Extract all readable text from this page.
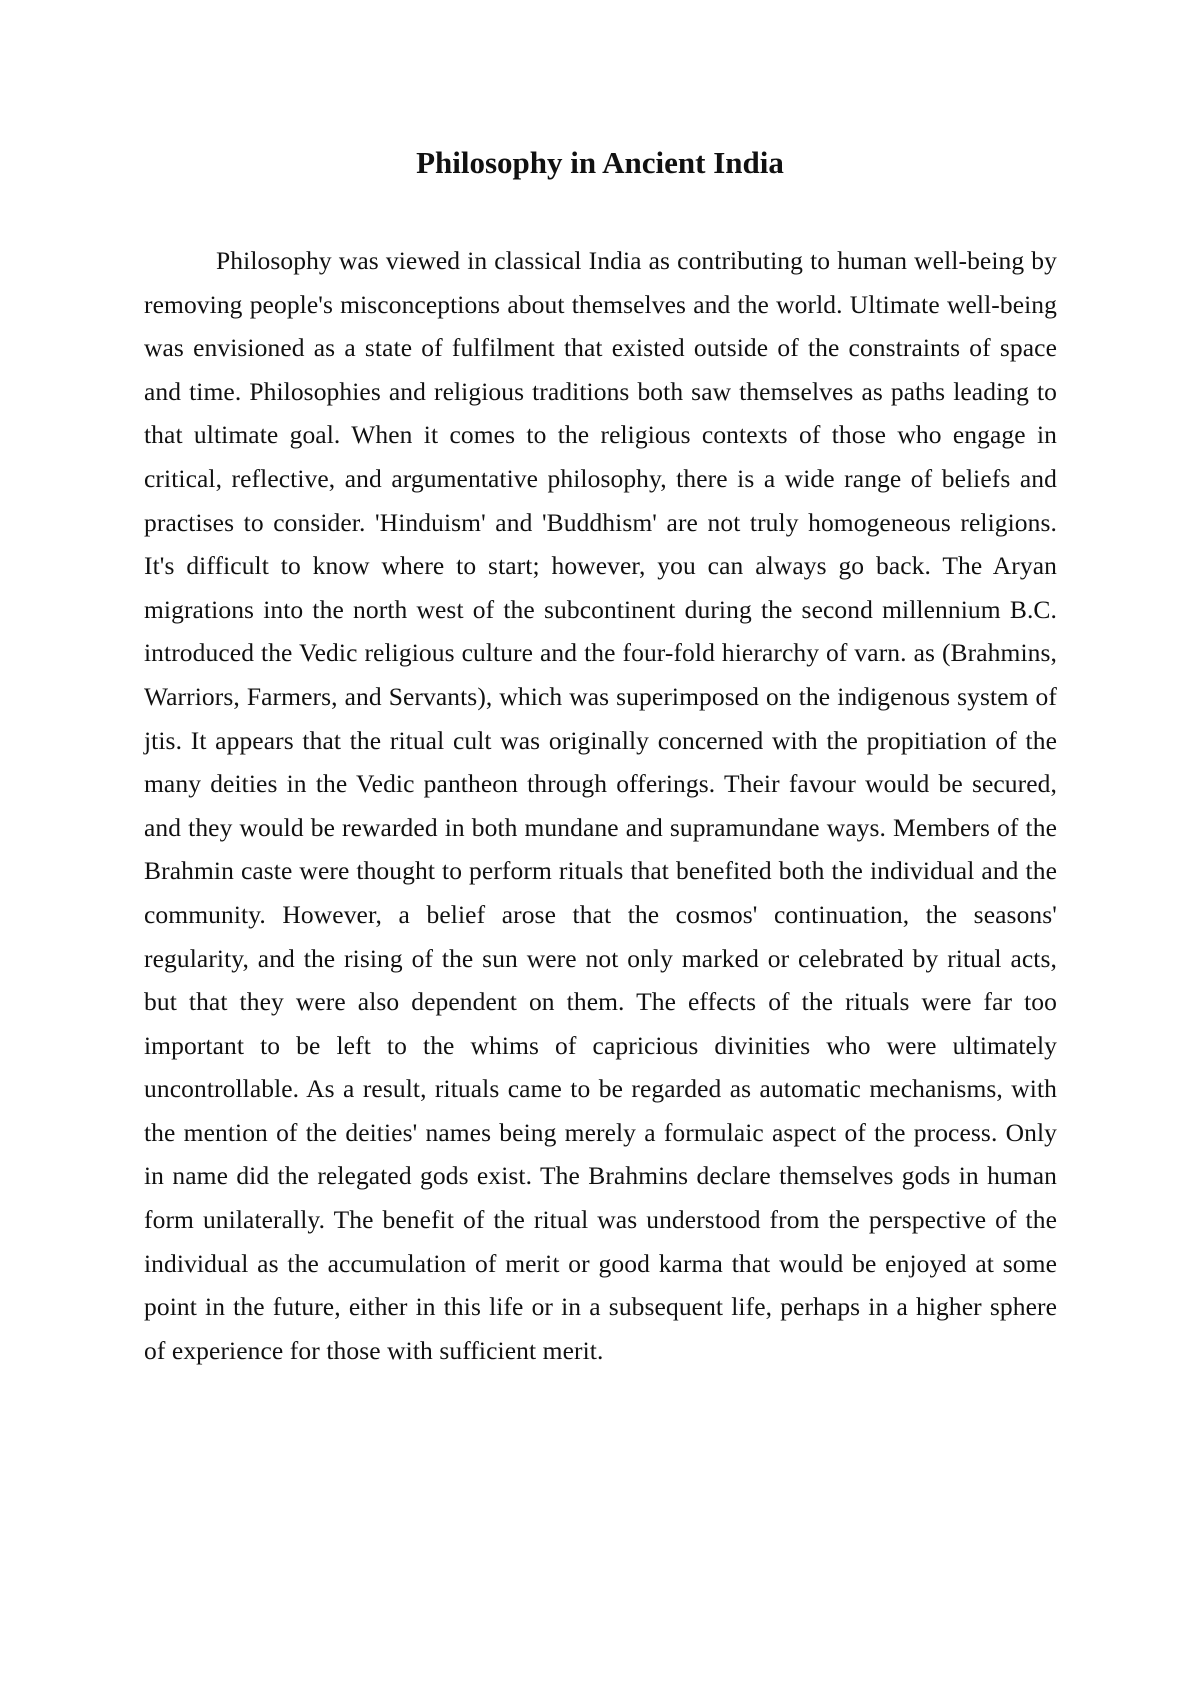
Philosophy in Ancient India

Philosophy was viewed in classical India as contributing to human well-being by removing people's misconceptions about themselves and the world. Ultimate well-being was envisioned as a state of fulfilment that existed outside of the constraints of space and time. Philosophies and religious traditions both saw themselves as paths leading to that ultimate goal. When it comes to the religious contexts of those who engage in critical, reflective, and argumentative philosophy, there is a wide range of beliefs and practises to consider. 'Hinduism' and 'Buddhism' are not truly homogeneous religions. It's difficult to know where to start; however, you can always go back. The Aryan migrations into the north west of the subcontinent during the second millennium B.C. introduced the Vedic religious culture and the four-fold hierarchy of varn. as (Brahmins, Warriors, Farmers, and Servants), which was superimposed on the indigenous system of jtis. It appears that the ritual cult was originally concerned with the propitiation of the many deities in the Vedic pantheon through offerings. Their favour would be secured, and they would be rewarded in both mundane and supramundane ways. Members of the Brahmin caste were thought to perform rituals that benefited both the individual and the community. However, a belief arose that the cosmos' continuation, the seasons' regularity, and the rising of the sun were not only marked or celebrated by ritual acts, but that they were also dependent on them. The effects of the rituals were far too important to be left to the whims of capricious divinities who were ultimately uncontrollable. As a result, rituals came to be regarded as automatic mechanisms, with the mention of the deities' names being merely a formulaic aspect of the process. Only in name did the relegated gods exist. The Brahmins declare themselves gods in human form unilaterally. The benefit of the ritual was understood from the perspective of the individual as the accumulation of merit or good karma that would be enjoyed at some point in the future, either in this life or in a subsequent life, perhaps in a higher sphere of experience for those with sufficient merit.
